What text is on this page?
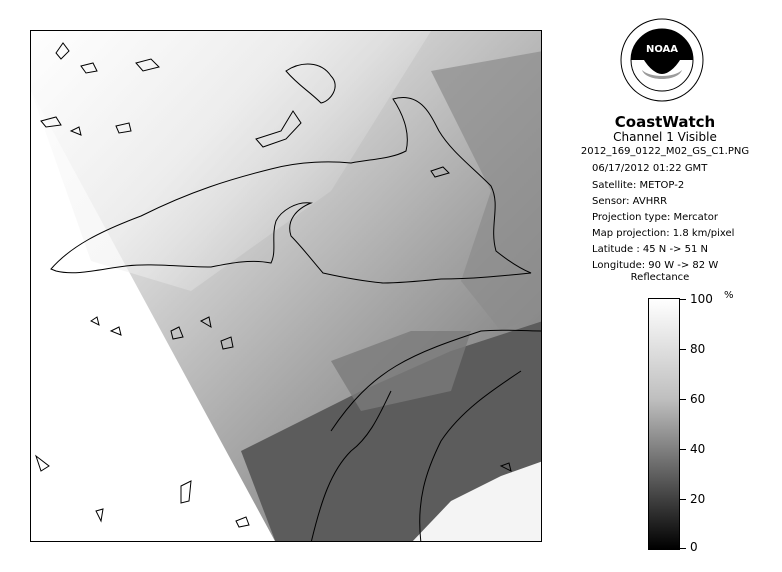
NOAA
CoastWatch
Channel 1 Visible
2012_169_0122_M02_GS_C1.PNG
06/17/2012 01:22 GMT
Satellite: METOP-2
Sensor: AVHRR
Projection type: Mercator
Map projection: 1.8 km/pixel
Latitude : 45 N -> 51 N
Longitude: 90 W -> 82 W
Reflectance
%
100
80
60
40
20
0
